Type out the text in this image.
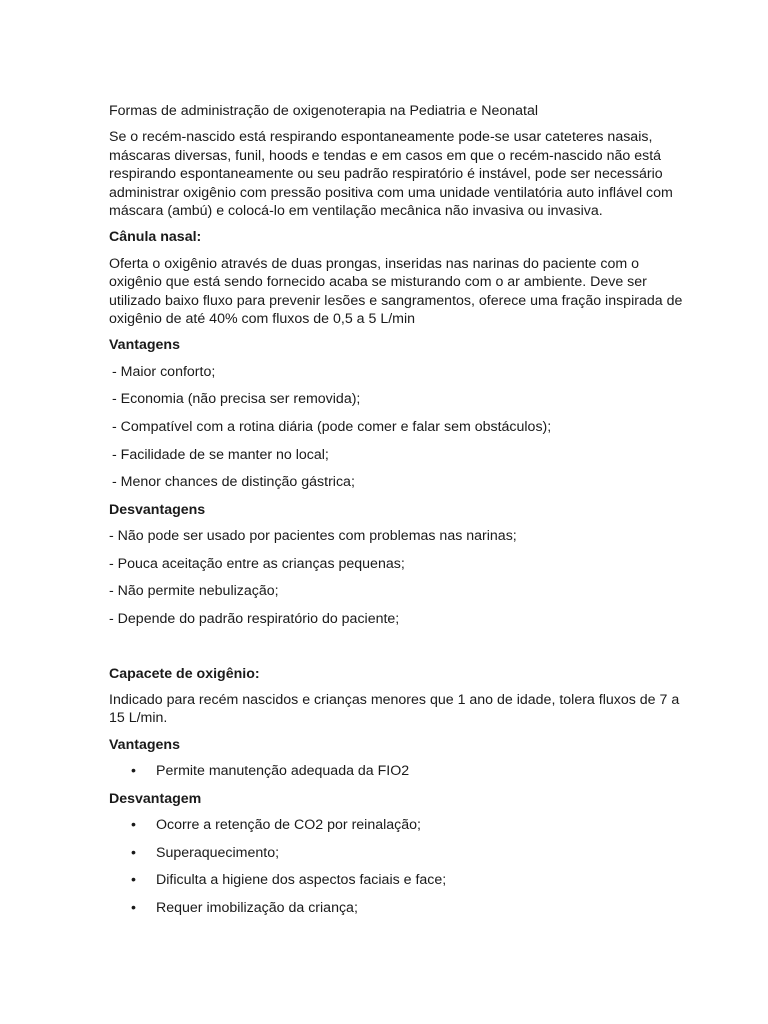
Formas de administração de oxigenoterapia na Pediatria e Neonatal

Se o recém-nascido está respirando espontaneamente pode-se usar cateteres nasais, máscaras diversas, funil, hoods e tendas e em casos em que o recém-nascido não está respirando espontaneamente ou seu padrão respiratório é instável, pode ser necessário administrar oxigênio com pressão positiva com uma unidade ventilatória auto inflável com máscara (ambú) e colocá-lo em ventilação mecânica não invasiva ou invasiva.

Cânula nasal:

Oferta o oxigênio através de duas prongas, inseridas nas narinas do paciente com o oxigênio que está sendo fornecido acaba se misturando com o ar ambiente. Deve ser utilizado baixo fluxo para prevenir lesões e sangramentos, oferece uma fração inspirada de oxigênio de até 40% com fluxos de 0,5 a 5 L/min

Vantagens

- Maior conforto;

- Economia (não precisa ser removida);

- Compatível com a rotina diária (pode comer e falar sem obstáculos);

- Facilidade de se manter no local;

- Menor chances de distinção gástrica;

Desvantagens

- Não pode ser usado por pacientes com problemas nas narinas;

- Pouca aceitação entre as crianças pequenas;

- Não permite nebulização;

- Depende do padrão respiratório do paciente;

Capacete de oxigênio:

Indicado para recém nascidos e crianças menores que 1 ano de idade, tolera fluxos de 7 a 15 L/min.

Vantagens

• Permite manutenção adequada da FIO2

Desvantagem

• Ocorre a retenção de CO2 por reinalação;
• Superaquecimento;
• Dificulta a higiene dos aspectos faciais e face;
• Requer imobilização da criança;
